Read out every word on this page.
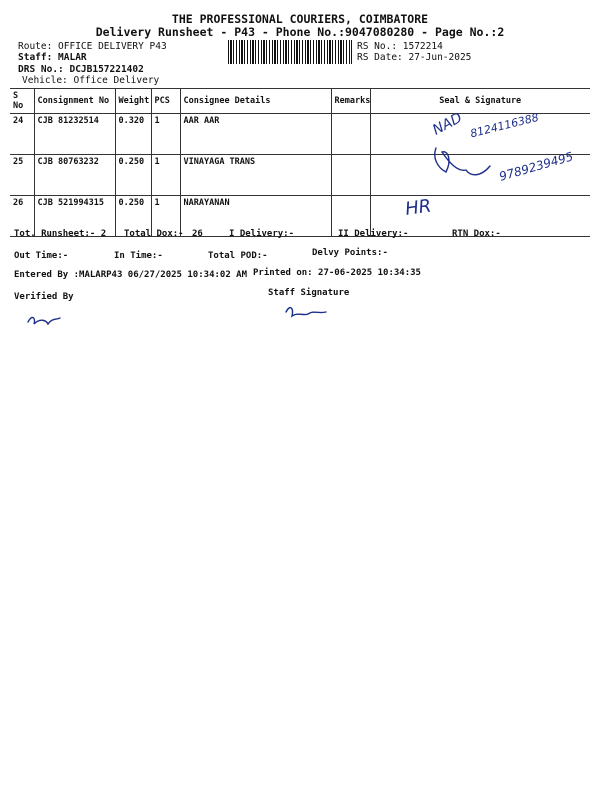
THE PROFESSIONAL COURIERS, COIMBATORE
Delivery Runsheet - P43 - Phone No.:9047080280 - Page No.:2
Route: OFFICE DELIVERY P43
Staff: MALAR
DRS No.: DCJB157221402
Vehicle: Office Delivery
RS No.: 1572214
RS Date: 27-Jun-2025
S No	Consignment No	Weight	PCS	Consignee Details	Remarks	Seal & Signature
24	CJB 81232514	0.320	1	AAR AAR		
25	CJB 80763232	0.250	1	VINAYAGA TRANS		
26	CJB 521994315	0.250	1	NARAYANAN		
NAD 8124116388
9789239495
HR
Tot. Runsheet:- 2 Total Dox:- 26	I Delivery:-	II Delivery:-	RTN Dox:-
Out Time:-	In Time:-	Total POD:-	Delvy Points:-
Entered By :MALARP43 06/27/2025 10:34:02 AM Printed on: 27-06-2025 10:34:35
Verified By	Staff Signature
